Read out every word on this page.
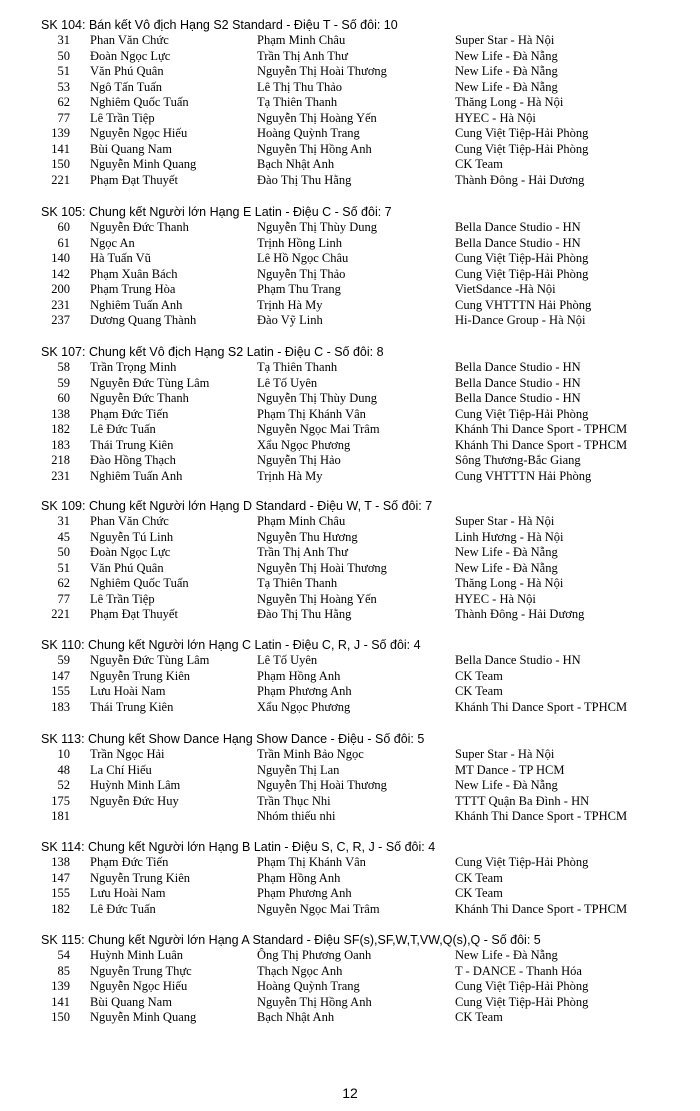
SK 104: Bán kết Vô địch Hạng S2 Standard - Điệu T - Số đôi: 10
31 Phan Văn Chức	Phạm Minh Châu	Super Star - Hà Nội
50 Đoàn Ngọc Lực	Trần Thị Anh Thư	New Life - Đà Nẵng
51 Văn Phú Quân	Nguyễn Thị Hoài Thương	New Life - Đà Nẵng
53 Ngô Tấn Tuấn	Lê Thị Thu Thảo	New Life - Đà Nẵng
62 Nghiêm Quốc Tuấn	Tạ Thiên Thanh	Thăng Long - Hà Nội
77 Lê Trần Tiệp	Nguyễn Thị Hoàng Yến	HYEC - Hà Nội
139 Nguyễn Ngọc Hiếu	Hoàng Quỳnh Trang	Cung Việt Tiệp-Hải Phòng
141 Bùi Quang Nam	Nguyễn Thị Hồng Anh	Cung Việt Tiệp-Hải Phòng
150 Nguyễn Minh Quang	Bạch Nhật Anh	CK Team
221 Phạm Đạt Thuyết	Đào Thị Thu Hằng	Thành Đông - Hải Dương
SK 105: Chung kết Người lớn Hạng E Latin - Điệu C - Số đôi: 7
60 Nguyễn Đức Thanh	Nguyễn Thị Thùy Dung	Bella Dance Studio - HN
61 Ngọc An	Trịnh Hồng Linh	Bella Dance Studio - HN
140 Hà Tuấn Vũ	Lê Hồ Ngọc Châu	Cung Việt Tiệp-Hải Phòng
142 Phạm Xuân Bách	Nguyễn Thị Thảo	Cung Việt Tiệp-Hải Phòng
200 Phạm Trung Hòa	Phạm Thu Trang	VietSdance -Hà Nội
231 Nghiêm Tuấn Anh	Trịnh Hà My	Cung VHTTTN Hải Phòng
237 Dương Quang Thành	Đào Vỹ Linh	Hi-Dance Group - Hà Nội
SK 107: Chung kết Vô địch Hạng S2 Latin - Điệu C - Số đôi: 8
58 Trần Trọng Minh	Tạ Thiên Thanh	Bella Dance Studio - HN
59 Nguyễn Đức Tùng Lâm	Lê Tố Uyên	Bella Dance Studio - HN
60 Nguyễn Đức Thanh	Nguyễn Thị Thùy Dung	Bella Dance Studio - HN
138 Phạm Đức Tiến	Phạm Thị Khánh Vân	Cung Việt Tiệp-Hải Phòng
182 Lê Đức Tuấn	Nguyễn Ngọc Mai Trâm	Khánh Thi Dance Sport - TPHCM
183 Thái Trung Kiên	Xẩu Ngọc Phương	Khánh Thi Dance Sport - TPHCM
218 Đào Hồng Thạch	Nguyễn Thị Hảo	Sông Thương-Bắc Giang
231 Nghiêm Tuấn Anh	Trịnh Hà My	Cung VHTTTN Hải Phòng
SK 109: Chung kết Người lớn Hạng D Standard - Điệu W, T - Số đôi: 7
31 Phan Văn Chức	Phạm Minh Châu	Super Star - Hà Nội
45 Nguyễn Tú Linh	Nguyễn Thu Hương	Linh Hương - Hà Nội
50 Đoàn Ngọc Lực	Trần Thị Anh Thư	New Life - Đà Nẵng
51 Văn Phú Quân	Nguyễn Thị Hoài Thương	New Life - Đà Nẵng
62 Nghiêm Quốc Tuấn	Tạ Thiên Thanh	Thăng Long - Hà Nội
77 Lê Trần Tiệp	Nguyễn Thị Hoàng Yến	HYEC - Hà Nội
221 Phạm Đạt Thuyết	Đào Thị Thu Hằng	Thành Đông - Hải Dương
SK 110: Chung kết Người lớn Hạng C Latin - Điệu C, R, J - Số đôi: 4
59 Nguyễn Đức Tùng Lâm	Lê Tố Uyên	Bella Dance Studio - HN
147 Nguyễn Trung Kiên	Phạm Hồng Anh	CK Team
155 Lưu Hoài Nam	Phạm Phương Anh	CK Team
183 Thái Trung Kiên	Xẩu Ngọc Phương	Khánh Thi Dance Sport - TPHCM
SK 113: Chung kết Show Dance Hạng Show Dance - Điệu - Số đôi: 5
10 Trần Ngọc Hải	Trần Minh Bảo Ngọc	Super Star - Hà Nội
48 La Chí Hiếu	Nguyễn Thị Lan	MT Dance - TP HCM
52 Huỳnh Minh Lâm	Nguyễn Thị Hoài Thương	New Life - Đà Nẵng
175 Nguyễn Đức Huy	Trần Thục Nhi	TTTT Quận Ba Đình - HN
181	Nhóm thiếu nhi	Khánh Thi Dance Sport - TPHCM
SK 114: Chung kết Người lớn Hạng B Latin - Điệu S, C, R, J - Số đôi: 4
138 Phạm Đức Tiến	Phạm Thị Khánh Vân	Cung Việt Tiệp-Hải Phòng
147 Nguyễn Trung Kiên	Phạm Hồng Anh	CK Team
155 Lưu Hoài Nam	Phạm Phương Anh	CK Team
182 Lê Đức Tuấn	Nguyễn Ngọc Mai Trâm	Khánh Thi Dance Sport - TPHCM
SK 115: Chung kết Người lớn Hạng A Standard - Điệu SF(s),SF,W,T,VW,Q(s),Q - Số đôi: 5
54 Huỳnh Minh Luân	Ông Thị Phương Oanh	New Life - Đà Nẵng
85 Nguyễn Trung Thực	Thạch Ngọc Anh	T - DANCE - Thanh Hóa
139 Nguyễn Ngọc Hiếu	Hoàng Quỳnh Trang	Cung Việt Tiệp-Hải Phòng
141 Bùi Quang Nam	Nguyễn Thị Hồng Anh	Cung Việt Tiệp-Hải Phòng
150 Nguyễn Minh Quang	Bạch Nhật Anh	CK Team
12
